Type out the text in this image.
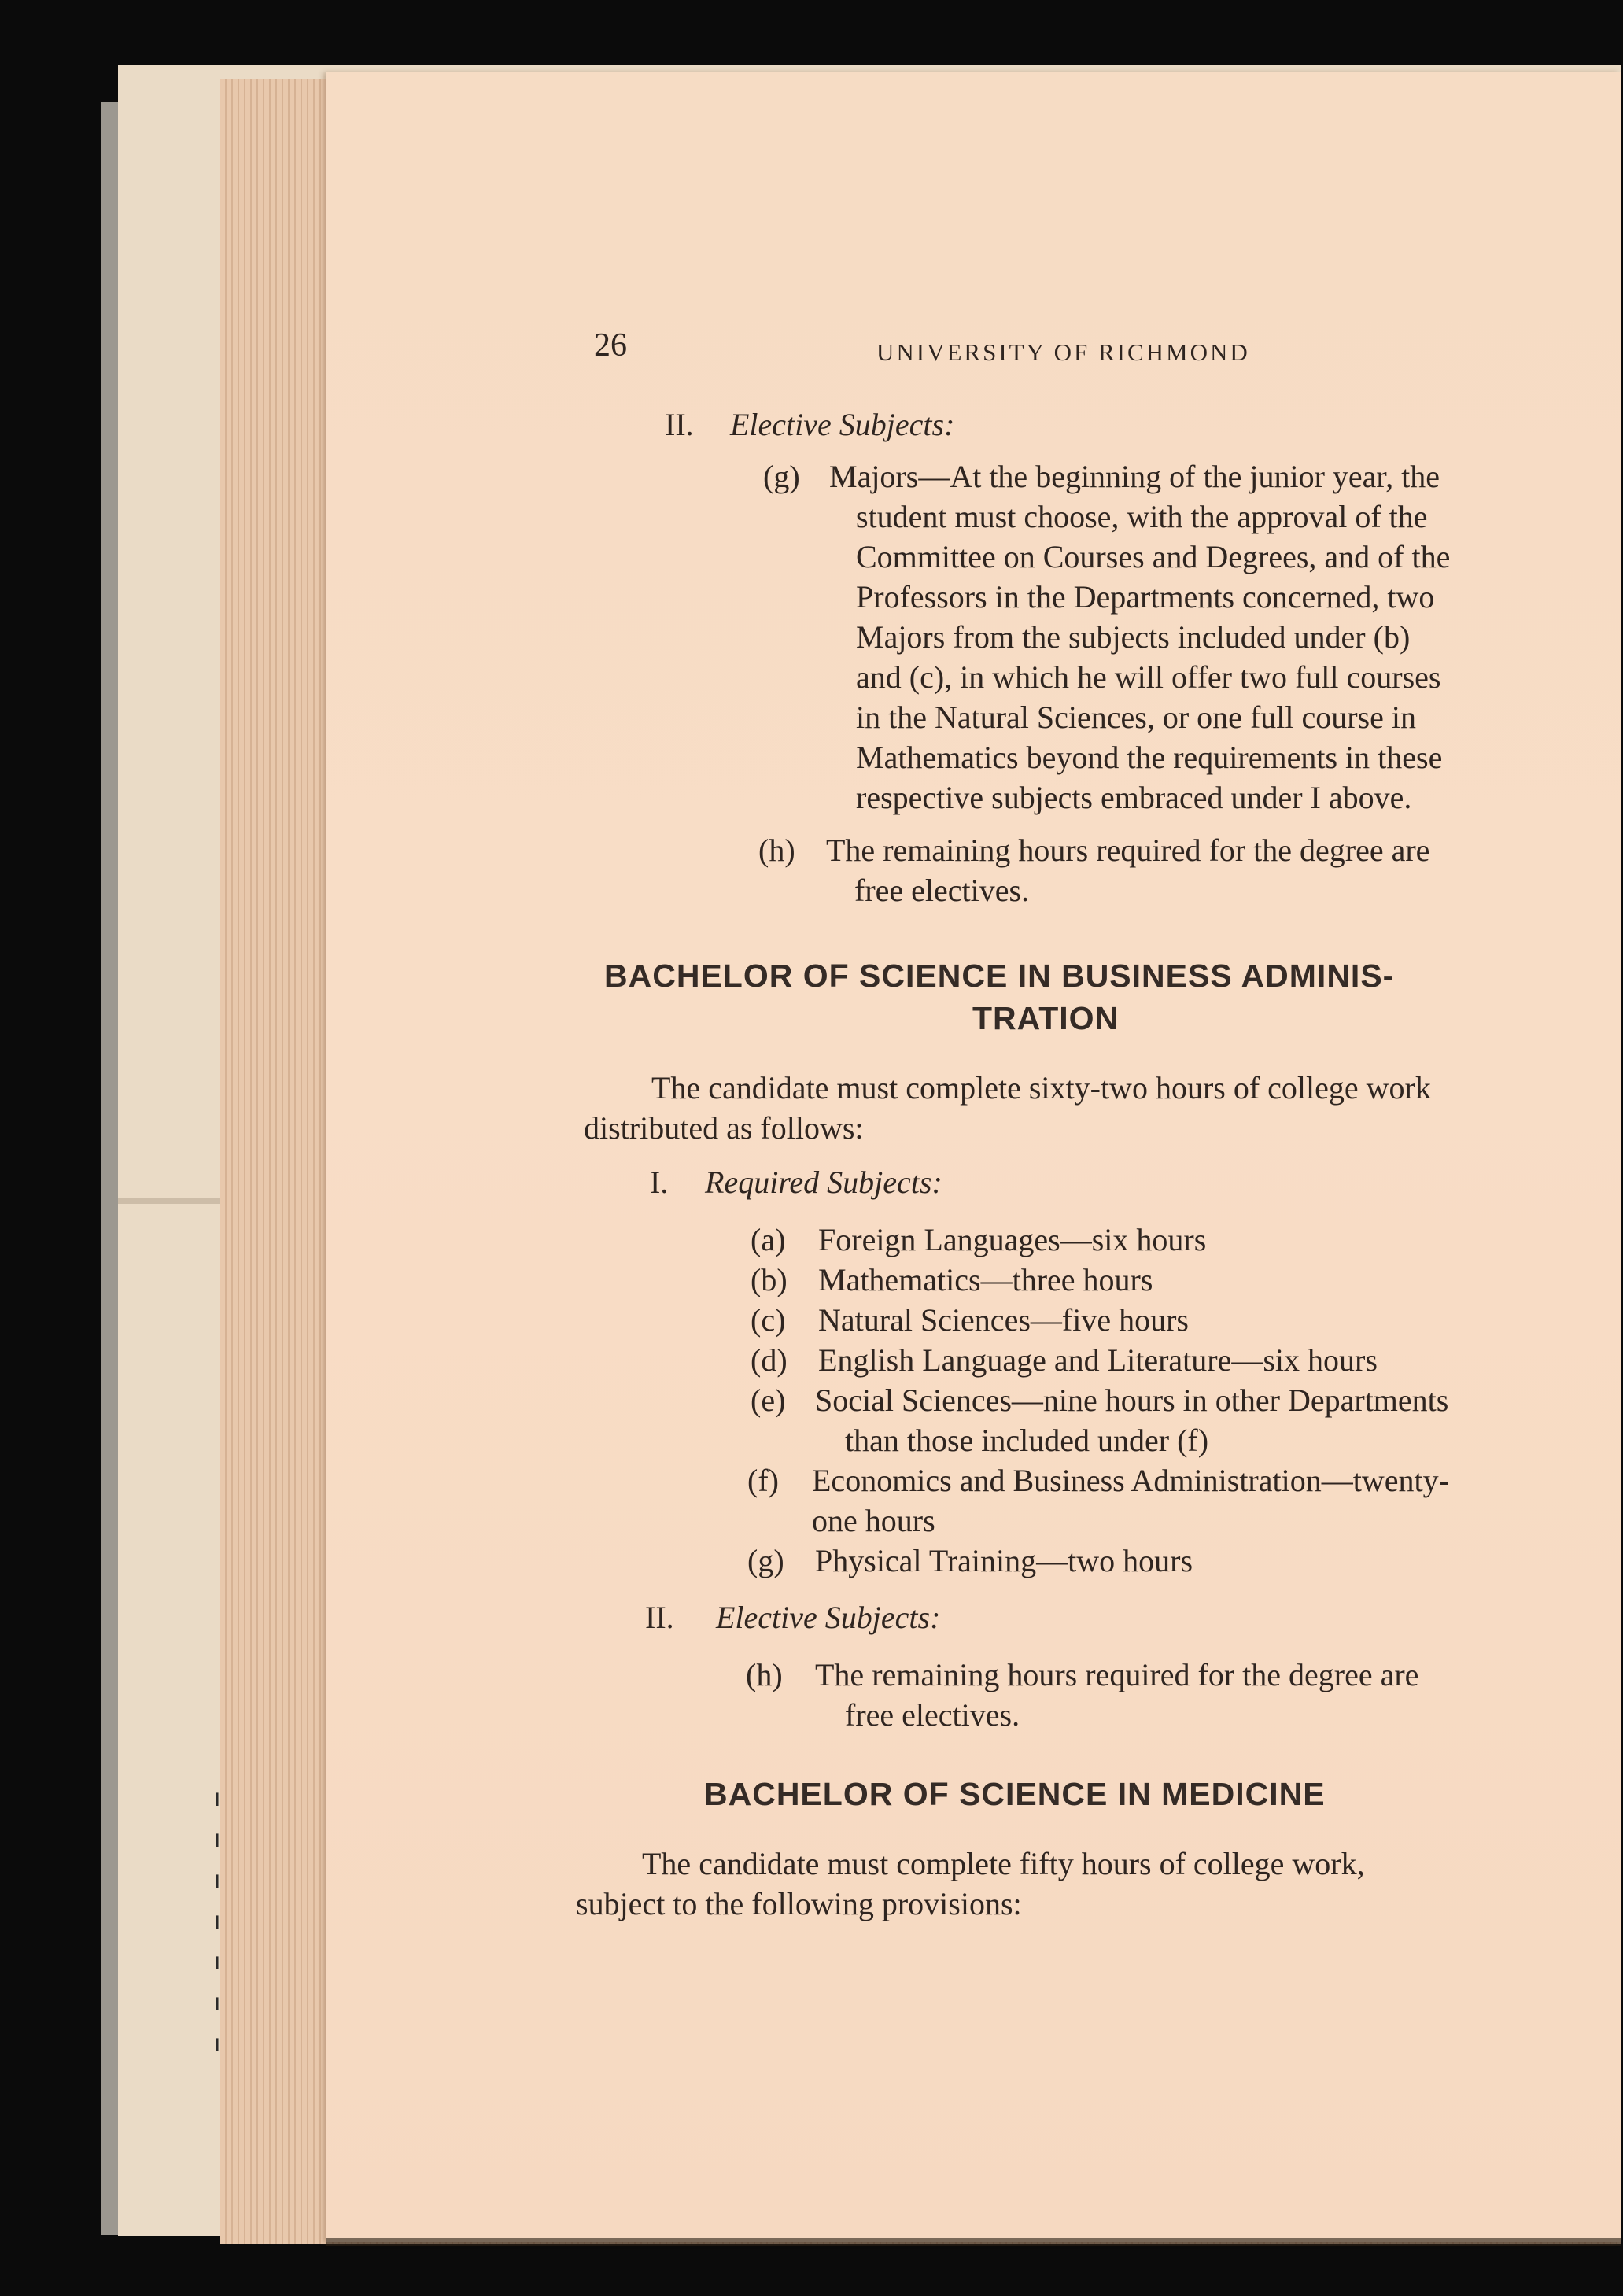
ı
ı
ı
ı
ı
ı
ı
26	UNIVERSITY OF RICHMOND
II. Elective Subjects:
(g) Majors—At the beginning of the junior year, the
student must choose, with the approval of the
Committee on Courses and Degrees, and of the
Professors in the Departments concerned, two
Majors from the subjects included under (b)
and (c), in which he will offer two full courses
in the Natural Sciences, or one full course in
Mathematics beyond the requirements in these
respective subjects embraced under I above.
(h) The remaining hours required for the degree are
free electives.
BACHELOR OF SCIENCE IN BUSINESS ADMINIS-
TRATION
The candidate must complete sixty-two hours of college work
distributed as follows:
I. Required Subjects:
(a) Foreign Languages—six hours
(b) Mathematics—three hours
(c) Natural Sciences—five hours
(d) English Language and Literature—six hours
(e) Social Sciences—nine hours in other Departments
than those included under (f)
(f) Economics and Business Administration—twenty-
one hours
(g) Physical Training—two hours
II. Elective Subjects:
(h) The remaining hours required for the degree are
free electives.
BACHELOR OF SCIENCE IN MEDICINE
The candidate must complete fifty hours of college work,
subject to the following provisions:
